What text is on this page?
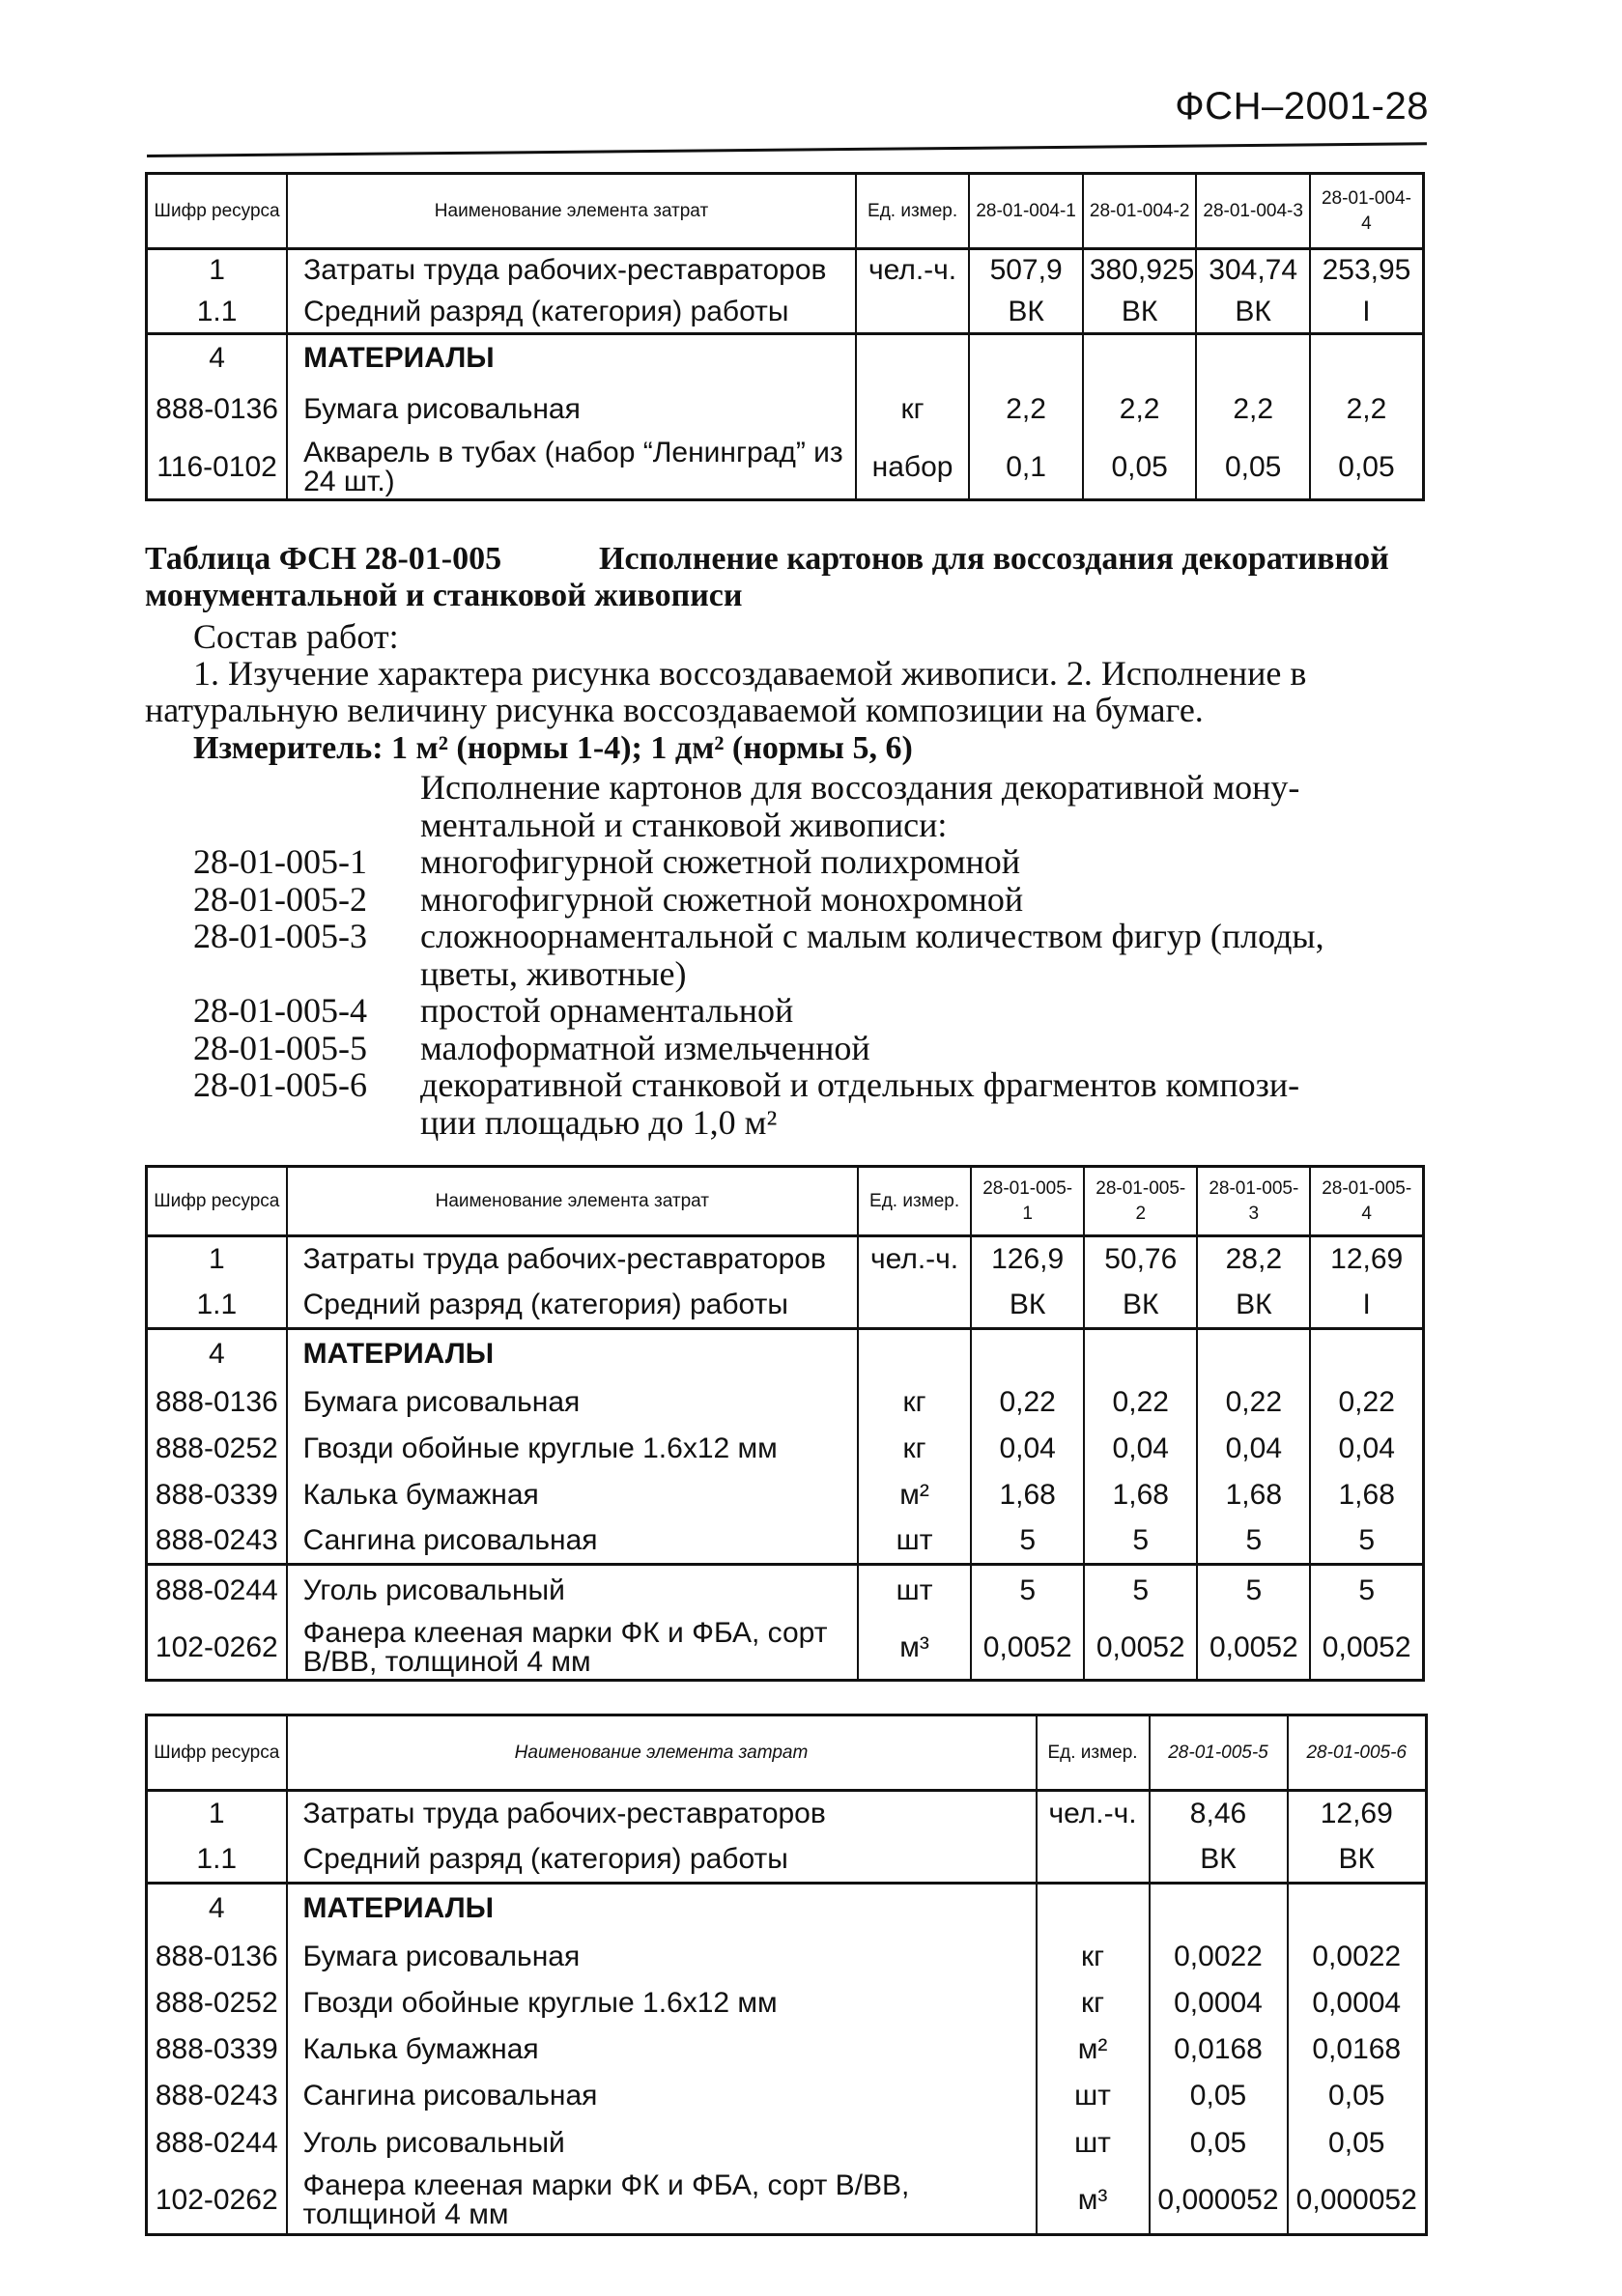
ФСН–2001-28
Шифр ресурса	Наименование элемента затрат	Ед. измер.	28-01-004-1	28-01-004-2	28-01-004-3	28-01-004-4
1	Затраты труда рабочих-реставраторов	чел.-ч.	507,9	380,925	304,74	253,95
1.1	Средний разряд (категория) работы		ВК	ВК	ВК	I
4	МАТЕРИАЛЫ					
888-0136	Бумага рисовальная	кг	2,2	2,2	2,2	2,2
116-0102	Акварель в тубах (набор “Ленинград” из 24 шт.)	набор	0,1	0,05	0,05	0,05
Таблица ФСН 28-01-005	Исполнение картонов для воссоздания декоративной
монументальной и станковой живописи
Состав работ:
1. Изучение характера рисунка воссоздаваемой живописи. 2. Исполнение в
натуральную величину рисунка воссоздаваемой композиции на бумаге.
Измеритель: 1 м² (нормы 1-4); 1 дм² (нормы 5, 6)
Исполнение картонов для воссоздания декоративной мону-
ментальной и станковой живописи:
28-01-005-1	многофигурной сюжетной полихромной
28-01-005-2	многофигурной сюжетной монохромной
28-01-005-3	сложноорнаментальной с малым количеством фигур (плоды,
цветы, животные)
28-01-005-4	простой орнаментальной
28-01-005-5	малоформатной измельченной
28-01-005-6	декоративной станковой и отдельных фрагментов компози-
ции площадью до 1,0 м²
Шифр ресурса	Наименование элемента затрат	Ед. измер.	28-01-005-1	28-01-005-2	28-01-005-3	28-01-005-4
1	Затраты труда рабочих-реставраторов	чел.-ч.	126,9	50,76	28,2	12,69
1.1	Средний разряд (категория) работы		ВК	ВК	ВК	I
4	МАТЕРИАЛЫ					
888-0136	Бумага рисовальная	кг	0,22	0,22	0,22	0,22
888-0252	Гвозди обойные круглые 1.6х12 мм	кг	0,04	0,04	0,04	0,04
888-0339	Калька бумажная	м²	1,68	1,68	1,68	1,68
888-0243	Сангина рисовальная	шт	5	5	5	5
888-0244	Уголь рисовальный	шт	5	5	5	5
102-0262	Фанера клееная марки ФК и ФБА, сорт В/ВВ, толщиной 4 мм	м³	0,0052	0,0052	0,0052	0,0052
Шифр ресурса	Наименование элемента затрат	Ед. измер.	28-01-005-5	28-01-005-6
1	Затраты труда рабочих-реставраторов	чел.-ч.	8,46	12,69
1.1	Средний разряд (категория) работы		ВК	ВК
4	МАТЕРИАЛЫ			
888-0136	Бумага рисовальная	кг	0,0022	0,0022
888-0252	Гвозди обойные круглые 1.6х12 мм	кг	0,0004	0,0004
888-0339	Калька бумажная	м²	0,0168	0,0168
888-0243	Сангина рисовальная	шт	0,05	0,05
888-0244	Уголь рисовальный	шт	0,05	0,05
102-0262	Фанера клееная марки ФК и ФБА, сорт В/ВВ, толщиной 4 мм	м³	0,000052	0,000052
